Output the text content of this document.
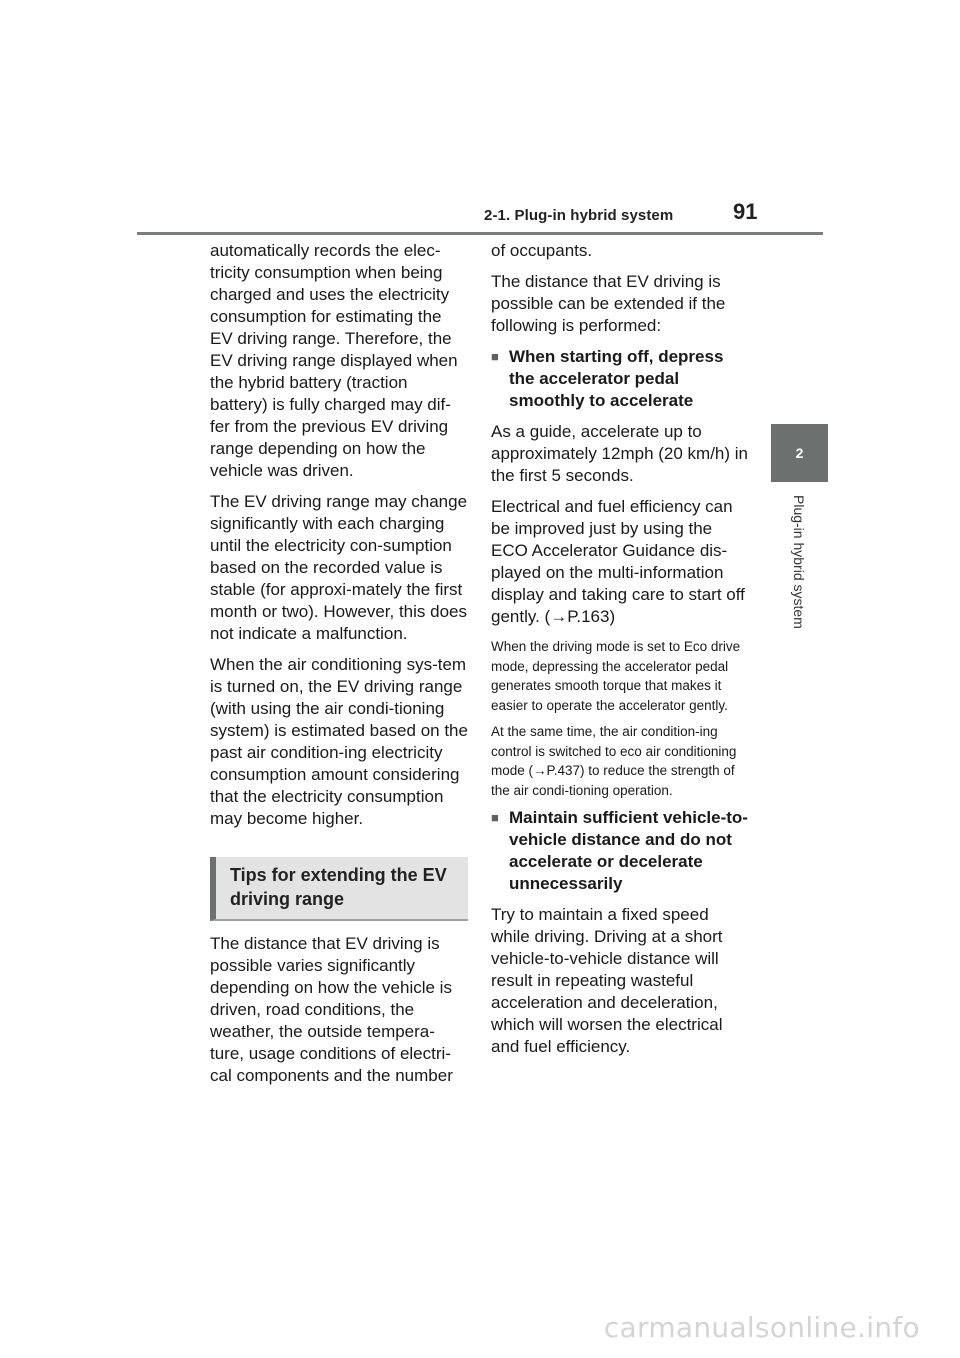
2-1. Plug-in hybrid system	91
2
Plug-in hybrid system

automatically records the elec-tricity consumption when being charged and uses the electricity consumption for estimating the EV driving range. Therefore, the EV driving range displayed when the hybrid battery (traction battery) is fully charged may dif-fer from the previous EV driving range depending on how the vehicle was driven.

The EV driving range may change significantly with each charging until the electricity con-sumption based on the recorded value is stable (for approxi-mately the first month or two). However, this does not indicate a malfunction.

When the air conditioning sys-tem is turned on, the EV driving range (with using the air condi-tioning system) is estimated based on the past air condition-ing electricity consumption amount considering that the electricity consumption may become higher.

Tips for extending the EV driving range

The distance that EV driving is possible varies significantly depending on how the vehicle is driven, road conditions, the weather, the outside tempera-ture, usage conditions of electri-cal components and the number

of occupants.

The distance that EV driving is possible can be extended if the following is performed:

■ When starting off, depress the accelerator pedal smoothly to accelerate

As a guide, accelerate up to approximately 12mph (20 km/h) in the first 5 seconds.

Electrical and fuel efficiency can be improved just by using the ECO Accelerator Guidance dis-played on the multi-information display and taking care to start off gently. (→P.163)

When the driving mode is set to Eco drive mode, depressing the accelerator pedal generates smooth torque that makes it easier to operate the accelerator gently.

At the same time, the air condition-ing control is switched to eco air conditioning mode (→P.437) to reduce the strength of the air condi-tioning operation.

■ Maintain sufficient vehicle-to-vehicle distance and do not accelerate or decelerate unnecessarily

Try to maintain a fixed speed while driving. Driving at a short vehicle-to-vehicle distance will result in repeating wasteful acceleration and deceleration, which will worsen the electrical and fuel efficiency.

carmanualsonline.info
